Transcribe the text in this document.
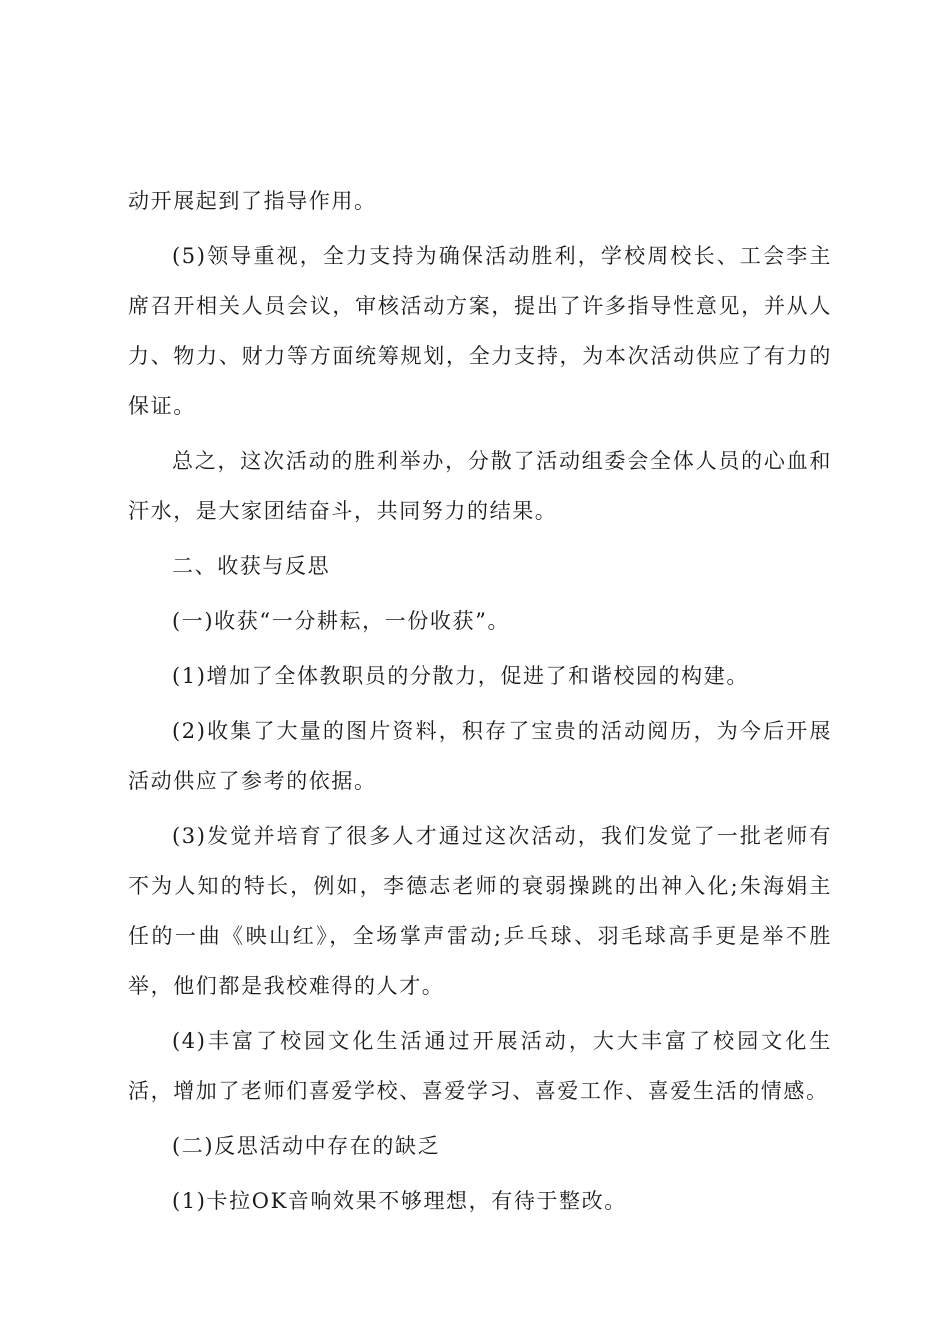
动开展起到了指导作用。

(5)领导重视，全力支持为确保活动胜利，学校周校长、工会李主席召开相关人员会议，审核活动方案，提出了许多指导性意见，并从人力、物力、财力等方面统筹规划，全力支持，为本次活动供应了有力的保证。

总之，这次活动的胜利举办，分散了活动组委会全体人员的心血和汗水，是大家团结奋斗，共同努力的结果。

二、收获与反思

(一)收获“一分耕耘，一份收获”。

(1)增加了全体教职员的分散力，促进了和谐校园的构建。

(2)收集了大量的图片资料，积存了宝贵的活动阅历，为今后开展活动供应了参考的依据。

(3)发觉并培育了很多人才通过这次活动，我们发觉了一批老师有不为人知的特长，例如，李德志老师的衰弱操跳的出神入化;朱海娟主任的一曲《映山红》，全场掌声雷动;乒乓球、羽毛球高手更是举不胜举，他们都是我校难得的人才。

(4)丰富了校园文化生活通过开展活动，大大丰富了校园文化生活，增加了老师们喜爱学校、喜爱学习、喜爱工作、喜爱生活的情感。

(二)反思活动中存在的缺乏

(1)卡拉OK音响效果不够理想，有待于整改。
